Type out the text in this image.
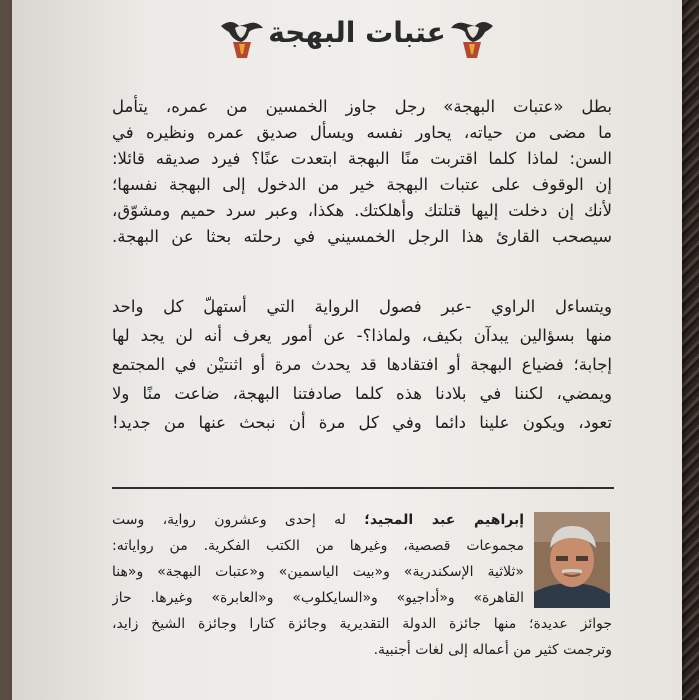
عتبات البهجة
بطل «عتبات البهجة» رجل جاوز الخمسين من عمره، يتأمل
ما مضى من حياته، يحاور نفسه ويسأل صديق عمره ونظيره في
السن: لماذا كلما اقتربت منًا البهجة ابتعدت عنًا؟ فيرد صديقه قائلا:
إن الوقوف على عتبات البهجة خير من الدخول إلى البهجة نفسها؛
لأنك إن دخلت إليها قتلتك وأهلكتك. هكذا، وعبر سرد حميم ومشوّق،
سيصحب القارئ هذا الرجل الخمسيني في رحلته بحثا عن البهجة.
ويتساءل الراوي -عبر فصول الرواية التي أستهلّ كل واحد
منها بسؤالين يبدآن بكيف، ولماذا؟- عن أمور يعرف أنه لن يجد لها
إجابة؛ فضياع البهجة أو افتقادها قد يحدث مرة أو اثنتيْن في المجتمع
ويمضي، لكننا في بلادنا هذه كلما صادفتنا البهجة، ضاعت منًا ولا
تعود، ويكون علينا دائما وفي كل مرة أن نبحث عنها من جديد!
إبراهيم عبد المجيد؛ له إحدى وعشرون رواية، وست
مجموعات قصصية، وغيرها من الكتب الفكرية. من رواياته:
«ثلاثية الإسكندرية» و«بيت الياسمين» و«عتبات البهجة» و«هنا
القاهرة» و«أداجيو» و«السايكلوب» و«العابرة» وغيرها. حاز
جوائز عديدة؛ منها جائزة الدولة التقديرية وجائزة كتارا وجائزة الشيخ زايد،
وترجمت كثير من أعماله إلى لغات أجنبية.
